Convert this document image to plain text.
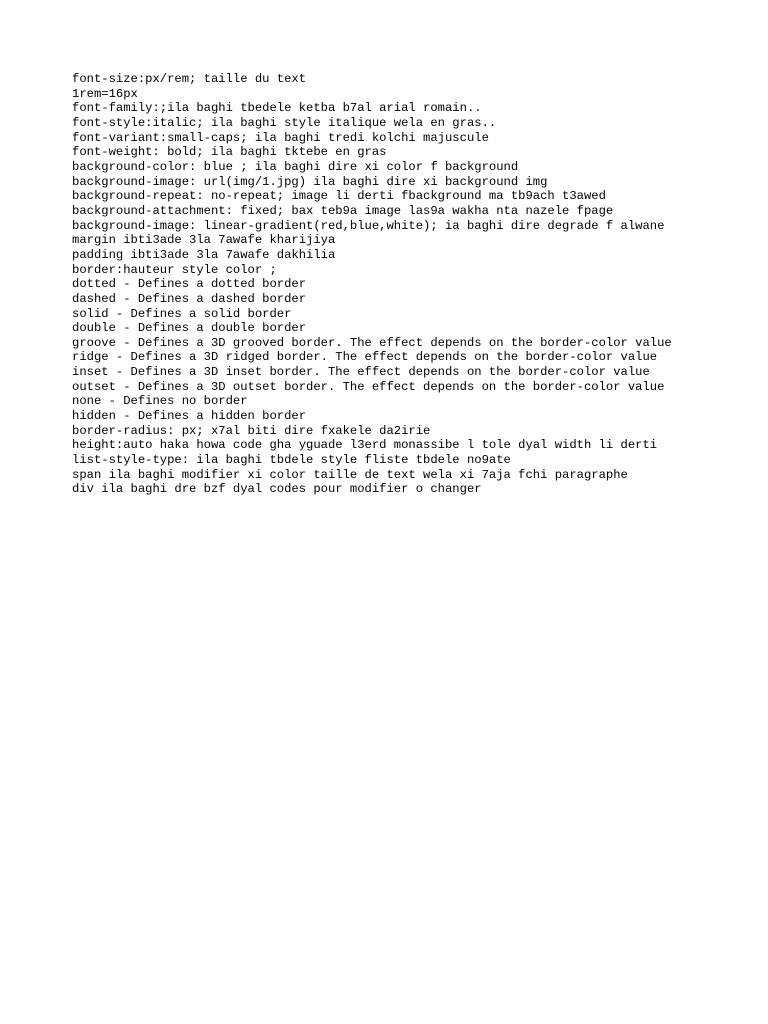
font-size:px/rem; taille du text

1rem=16px

font-family:;ila baghi tbedele ketba b7al arial romain..

font-style:italic; ila baghi style italique wela en gras..

font-variant:small-caps; ila baghi tredi kolchi majuscule

font-weight: bold; ila baghi tktebe en gras

background-color: blue ; ila baghi dire xi color f background

background-image: url(img/1.jpg) ila baghi dire xi background img

background-repeat: no-repeat; image li derti fbackground ma tb9ach t3awed

background-attachment: fixed; bax teb9a image las9a wakha nta nazele fpage

background-image: linear-gradient(red,blue,white); ia baghi dire degrade f alwane

margin ibti3ade 3la 7awafe kharijiya

padding ibti3ade 3la 7awafe dakhilia

border:hauteur style color ;

dotted - Defines a dotted border

dashed - Defines a dashed border

solid - Defines a solid border

double - Defines a double border

groove - Defines a 3D grooved border. The effect depends on the border-color value

ridge - Defines a 3D ridged border. The effect depends on the border-color value

inset - Defines a 3D inset border. The effect depends on the border-color value

outset - Defines a 3D outset border. The effect depends on the border-color value

none - Defines no border

hidden - Defines a hidden border

border-radius: px; x7al biti dire fxakele da2irie

height:auto haka howa code gha yguade l3erd monassibe l tole dyal width li derti

list-style-type: ila baghi tbdele style fliste tbdele no9ate

span ila baghi modifier xi color taille de text wela xi 7aja fchi paragraphe

div ila baghi dre bzf dyal codes pour modifier o changer
